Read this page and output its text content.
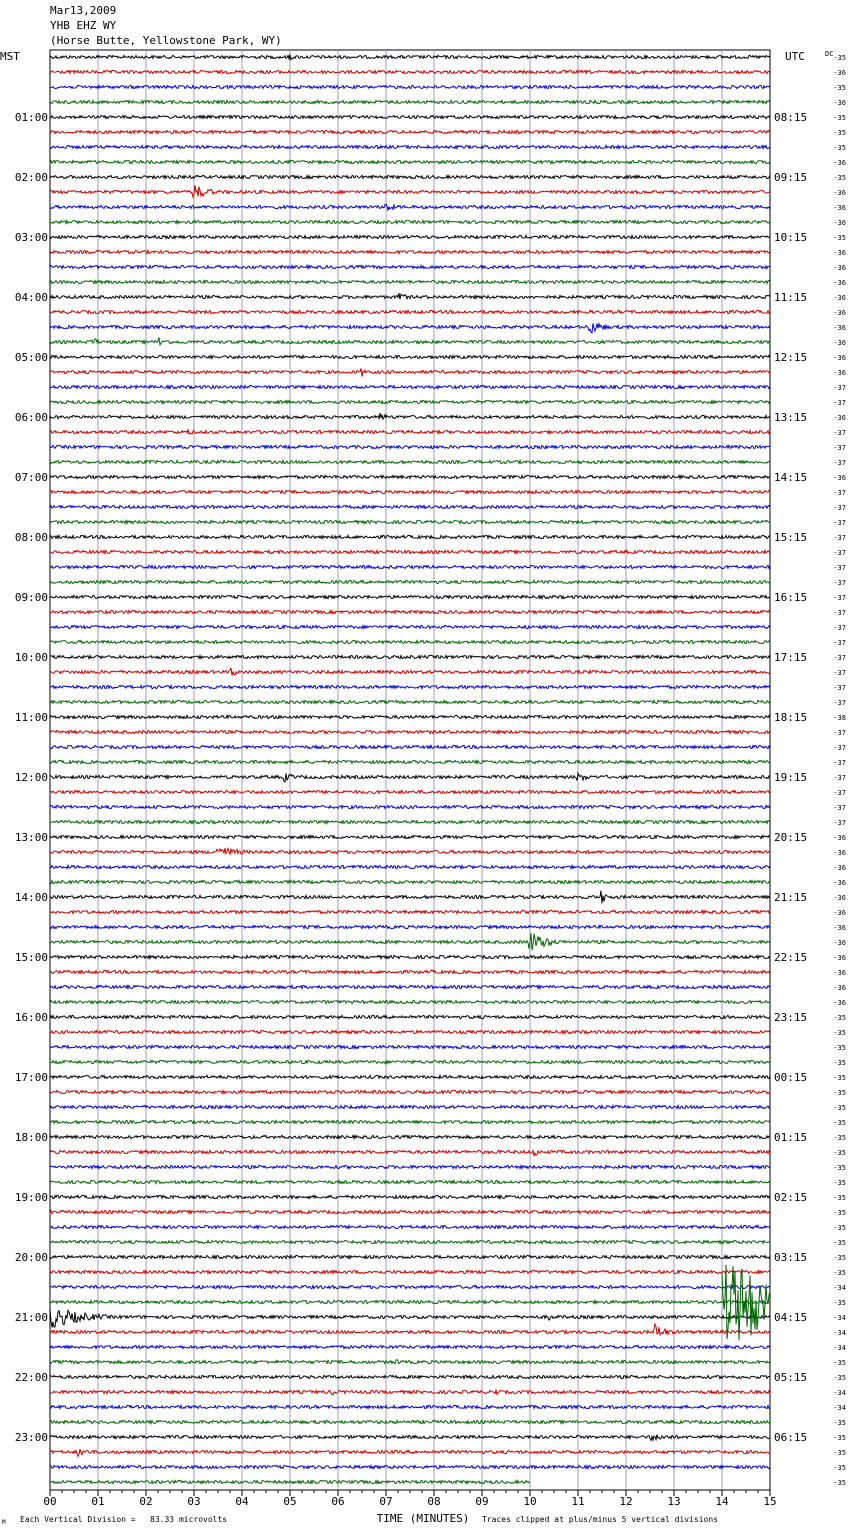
Mar13,2009
YHB EHZ WY
(Horse Butte, Yellowstone Park, WY)
00	01	02	03	04	05	06	07	08	09	10	11	12	13	14	15
TIME (MINUTES)
MST	UTC	DC
01:00
02:00
03:00
04:00
05:00
06:00
07:00
08:00
09:00
10:00
11:00
12:00
13:00
14:00
15:00
16:00
17:00
18:00
19:00
20:00
21:00
22:00
23:00
08:15
09:15
10:15
11:15
12:15
13:15
14:15
15:15
16:15
17:15
18:15
19:15
20:15
21:15
22:15
23:15
00:15
01:15
02:15
03:15
04:15
05:15
06:15
-35
-36
-35
-36
-35
-35
-35
-36
-35
-36
-36
-36
-35
-36
-36
-36
-36
-36
-36
-36
-36
-36
-37
-37
-36
-37
-37
-37
-36
-37
-37
-37
-37
-37
-37
-37
-37
-37
-37
-37
-37
-37
-37
-37
-38
-37
-37
-37
-37
-37
-37
-37
-36
-36
-36
-36
-36
-36
-36
-36
-36
-36
-36
-36
-35
-35
-35
-35
-35
-35
-35
-35
-35
-35
-35
-35
-35
-35
-35
-35
-35
-35
-34
-35
-34
-34
-34
-35
-35
-34
-34
-35
-35
-35
-35
-35
M Each Vertical Division =   83.33 microvolts	Traces clipped at plus/minus 5 vertical divisions
